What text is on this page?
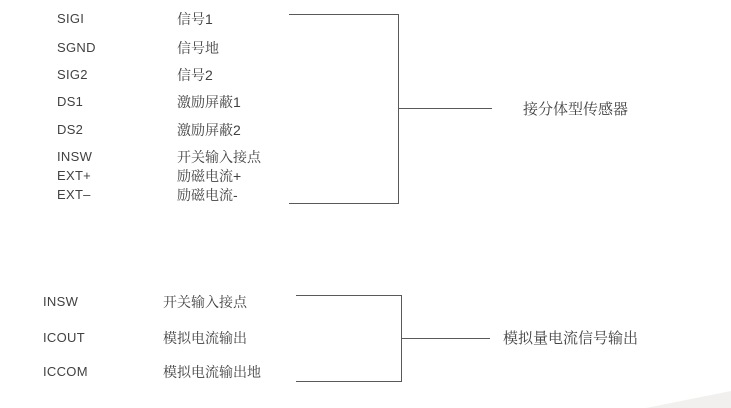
SIGI	信号1
SGND	信号地
SIG2	信号2
DS1	激励屏蔽1
DS2	激励屏蔽2
INSW	开关输入接点
EXT+	励磁电流+
EXT–	励磁电流-
接分体型传感器
INSW	开关输入接点
ICOUT	模拟电流输出
ICCOM	模拟电流输出地
模拟量电流信号输出
